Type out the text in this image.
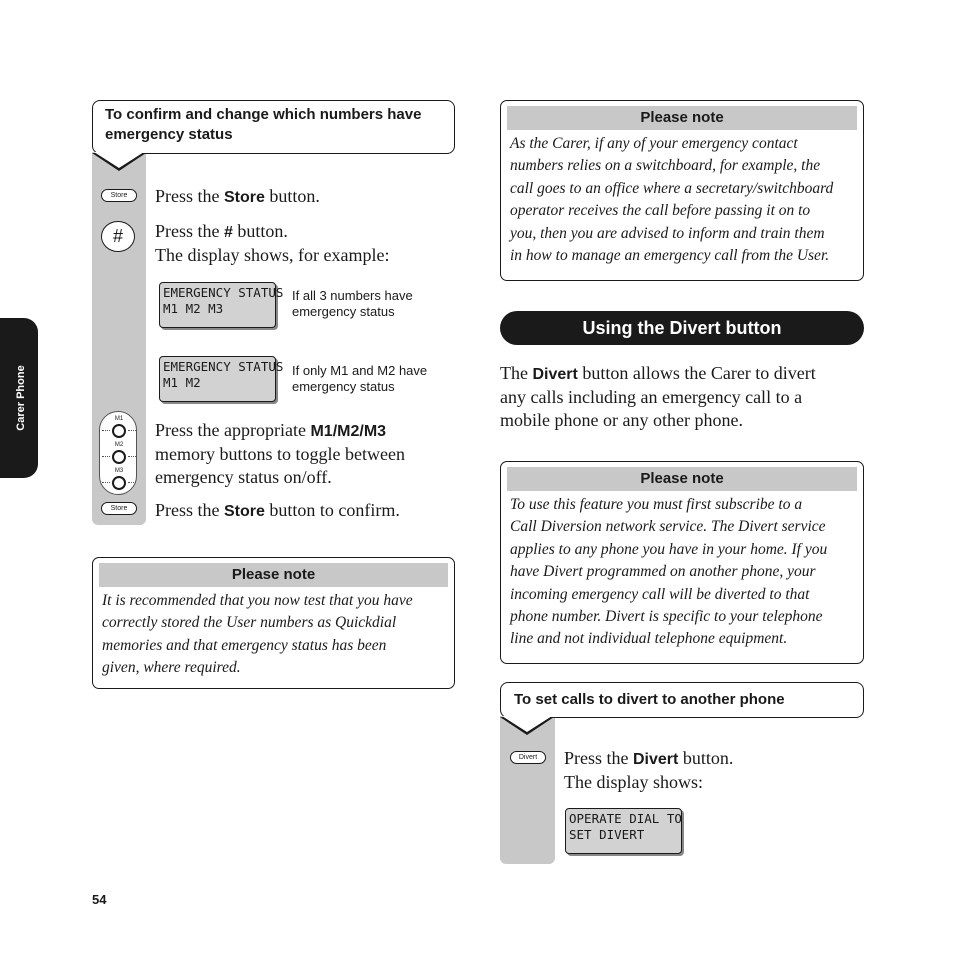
Carer Phone
To confirm and change which numbers have emergency status
Store	Press the Store button.
#	Press the # button.
The display shows, for example:
EMERGENCY STATUS
M1 M2 M3
If all 3 numbers have emergency status
EMERGENCY STATUS
M1 M2
If only M1 and M2 have emergency status
M1
M2
M3
Press the appropriate M1/M2/M3
memory buttons to toggle between
emergency status on/off.
Store	Press the Store button to confirm.
Please note
It is recommended that you now test that you have
correctly stored the User numbers as Quickdial
memories and that emergency status has been
given, where required.
Please note
As the Carer, if any of your emergency contact
numbers relies on a switchboard, for example, the
call goes to an office where a secretary/switchboard
operator receives the call before passing it on to
you, then you are advised to inform and train them
in how to manage an emergency call from the User.
Using the Divert button
The Divert button allows the Carer to divert
any calls including an emergency call to a
mobile phone or any other phone.
Please note
To use this feature you must first subscribe to a
Call Diversion network service. The Divert service
applies to any phone you have in your home. If you
have Divert programmed on another phone, your
incoming emergency call will be diverted to that
phone number. Divert is specific to your telephone
line and not individual telephone equipment.
To set calls to divert to another phone
Divert	Press the Divert button.
The display shows:
OPERATE DIAL TO
SET DIVERT
54
